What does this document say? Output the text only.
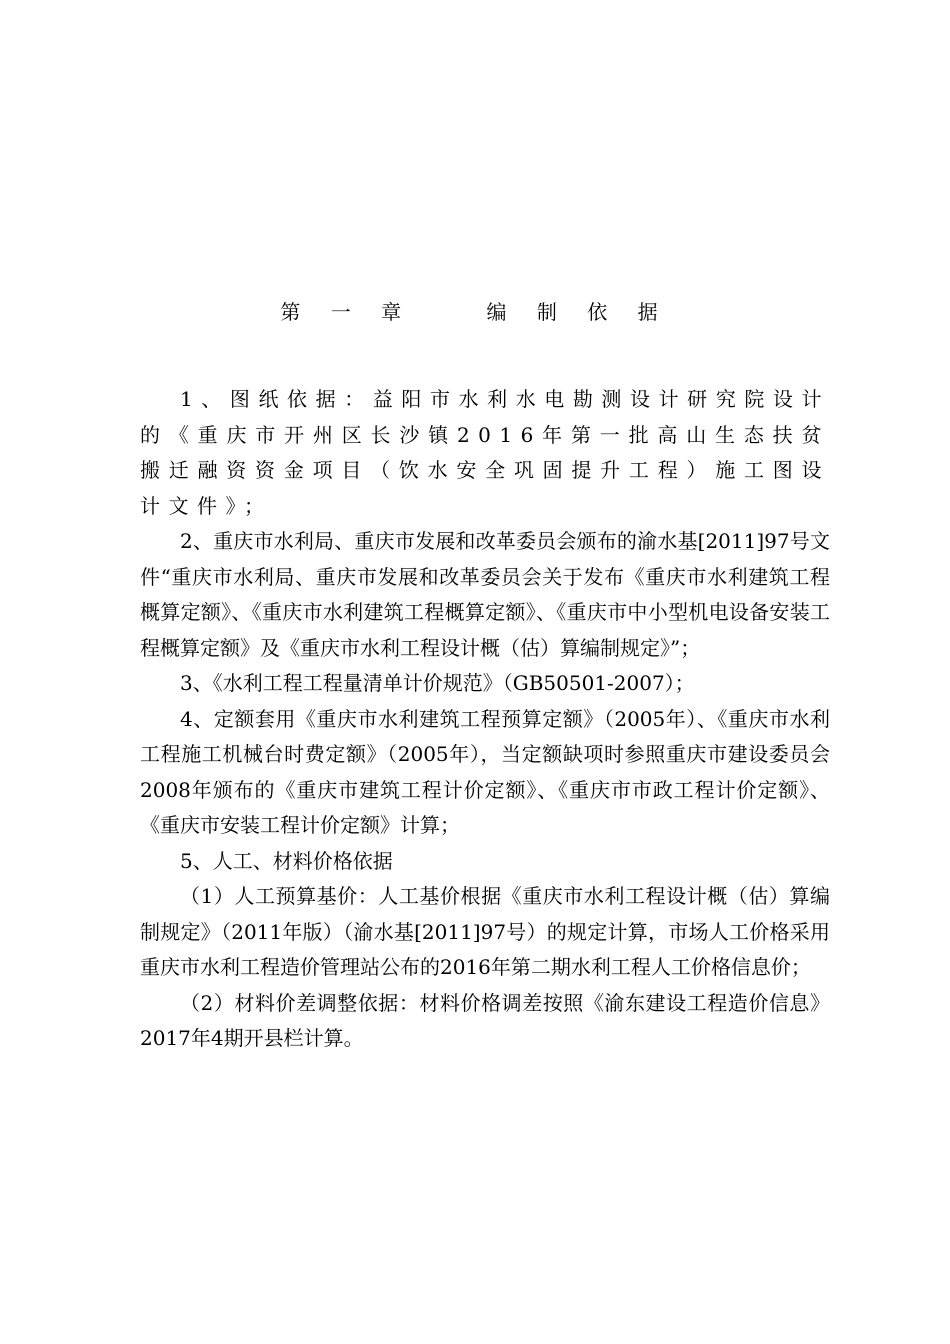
第 一 章    编 制 依 据

1、图纸依据：益阳市水利水电勘测设计研究院设计的《重庆市开州区长沙镇2016年第一批高山生态扶贫搬迁融资资金项目（饮水安全巩固提升工程）施工图设计文件》；

2、重庆市水利局、重庆市发展和改革委员会颁布的渝水基[2011]97号文件“重庆市水利局、重庆市发展和改革委员会关于发布《重庆市水利建筑工程概算定额》、《重庆市水利建筑工程概算定额》、《重庆市中小型机电设备安装工程概算定额》及《重庆市水利工程设计概（估）算编制规定》”；

3、《水利工程工程量清单计价规范》（GB50501-2007）；

4、定额套用《重庆市水利建筑工程预算定额》（2005年）、《重庆市水利工程施工机械台时费定额》（2005年），当定额缺项时参照重庆市建设委员会2008年颁布的《重庆市建筑工程计价定额》、《重庆市市政工程计价定额》、《重庆市安装工程计价定额》计算；

5、人工、材料价格依据

（1）人工预算基价：人工基价根据《重庆市水利工程设计概（估）算编制规定》（2011年版）（渝水基[2011]97号）的规定计算，市场人工价格采用重庆市水利工程造价管理站公布的2016年第二期水利工程人工价格信息价；

（2）材料价差调整依据：材料价格调差按照《渝东建设工程造价信息》2017年4期开县栏计算。
